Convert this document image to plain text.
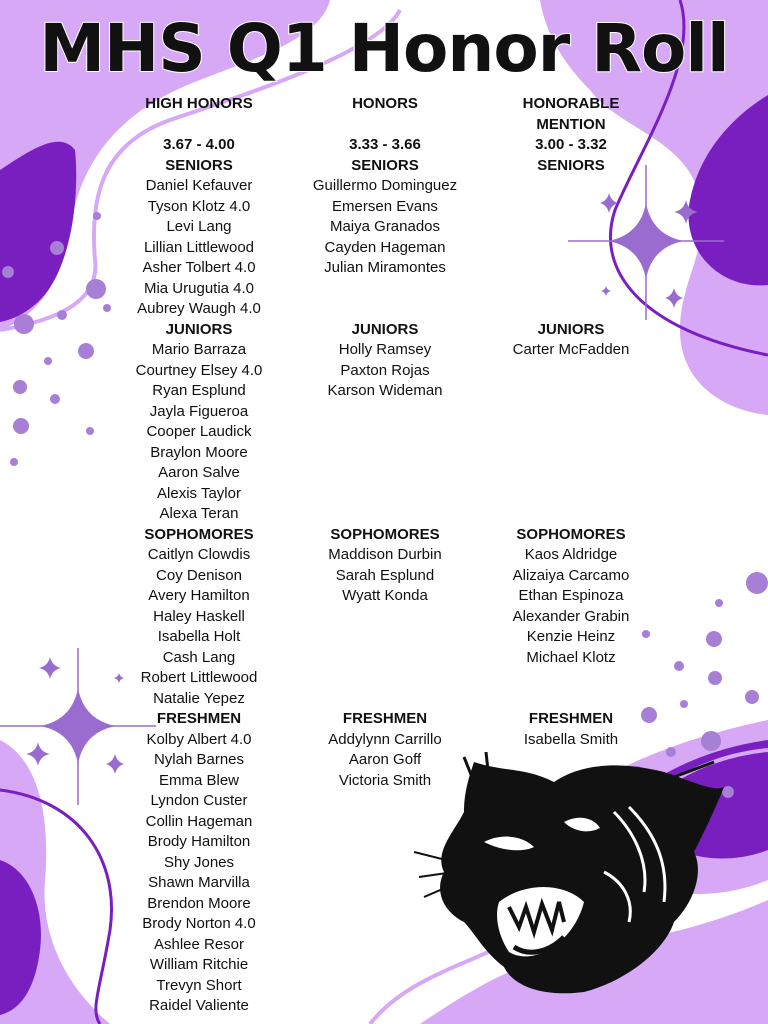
MHS Q1 Honor Roll
HIGH HONORS
3.67 - 4.00
SENIORS
Daniel Kefauver
Tyson Klotz 4.0
Levi Lang
Lillian Littlewood
Asher Tolbert 4.0
Mia Urugutia 4.0
Aubrey Waugh 4.0
JUNIORS
Mario Barraza
Courtney Elsey 4.0
Ryan Esplund
Jayla Figueroa
Cooper Laudick
Braylon Moore
Aaron Salve
Alexis Taylor
Alexa Teran
SOPHOMORES
Caitlyn Clowdis
Coy Denison
Avery Hamilton
Haley Haskell
Isabella Holt
Cash Lang
Robert Littlewood
Natalie Yepez
FRESHMEN
Kolby Albert 4.0
Nylah Barnes
Emma Blew
Lyndon Custer
Collin Hageman
Brody Hamilton
Shy Jones
Shawn Marvilla
Brendon Moore
Brody Norton 4.0
Ashlee Resor
William Ritchie
Trevyn Short
Raidel Valiente
HONORS
3.33 - 3.66
SENIORS
Guillermo Dominguez
Emersen Evans
Maiya Granados
Cayden Hageman
Julian Miramontes
JUNIORS
Holly Ramsey
Paxton Rojas
Karson Wideman
SOPHOMORES
Maddison Durbin
Sarah Esplund
Wyatt Konda
FRESHMEN
Addylynn Carrillo
Aaron Goff
Victoria Smith
HONORABLE
MENTION
3.00 - 3.32
SENIORS
JUNIORS
Carter McFadden
SOPHOMORES
Kaos Aldridge
Alizaiya Carcamo
Ethan Espinoza
Alexander Grabin
Kenzie Heinz
Michael Klotz
FRESHMEN
Isabella Smith
